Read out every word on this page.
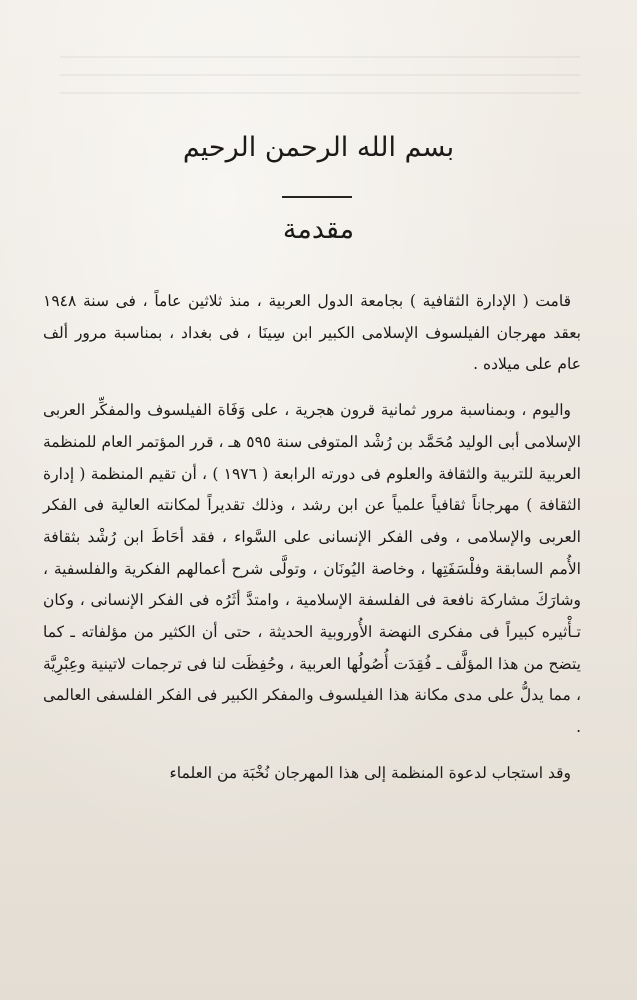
بسم الله الرحمن الرحيم
مقدمة

قامت ( الإدارة الثقافية ) بجامعة الدول العربية ، منذ ثلاثين عاماً ، فى سنة ١٩٤٨ بعقد مهرجان الفيلسوف الإسلامى الكبير ابن سِينَا ، فى بغداد ، بمناسبة مرور ألف عام على ميلاده .

واليوم ، وبمناسبة مرور ثمانية قرون هجرية ، على وَفَاة الفيلسوف والمفكِّر العربى الإسلامى أبى الوليد مُحَمَّد بن رُشْد المتوفى سنة ٥٩٥ هـ ، قرر المؤتمر العام للمنظمة العربية للتربية والثقافة والعلوم فى دورته الرابعة ( ١٩٧٦ ) ، أن تقيم المنظمة ( إدارة الثقافة ) مهرجاناً ثقافياً علمياً عن ابن رشد ، وذلك تقديراً لمكانته العالية فى الفكر العربى والإسلامى ، وفى الفكر الإنسانى على السَّواء ، فقد أحَاطَ ابن رُشْد بثقافة الأُمم السابقة وفلْسَفَتِها ، وخاصة اليُونَان ، وتولَّى شرح أعمالهم الفكرية والفلسفية ، وشارَكَ مشاركة نافعة فى الفلسفة الإسلامية ، وامتدَّ أثَرُه فى الفكر الإنسانى ، وكان تـأْثيره كبيراً فى مفكرى النهضة الأُوروبية الحديثة ، حتى أن الكثير من مؤلفاته ـ كما يتضح من هذا المؤلَّف ـ فُقِدَت أُصُولُها العربية ، وحُفِظَت لنا فى ترجمات لاتينية وعِبْرِيَّة ، مما يدلُّ على مدى مكانة هذا الفيلسوف والمفكر الكبير فى الفكر الفلسفى العالمى .

وقد استجاب لدعوة المنظمة إلى هذا المهرجان نُخْبَة من العلماء
